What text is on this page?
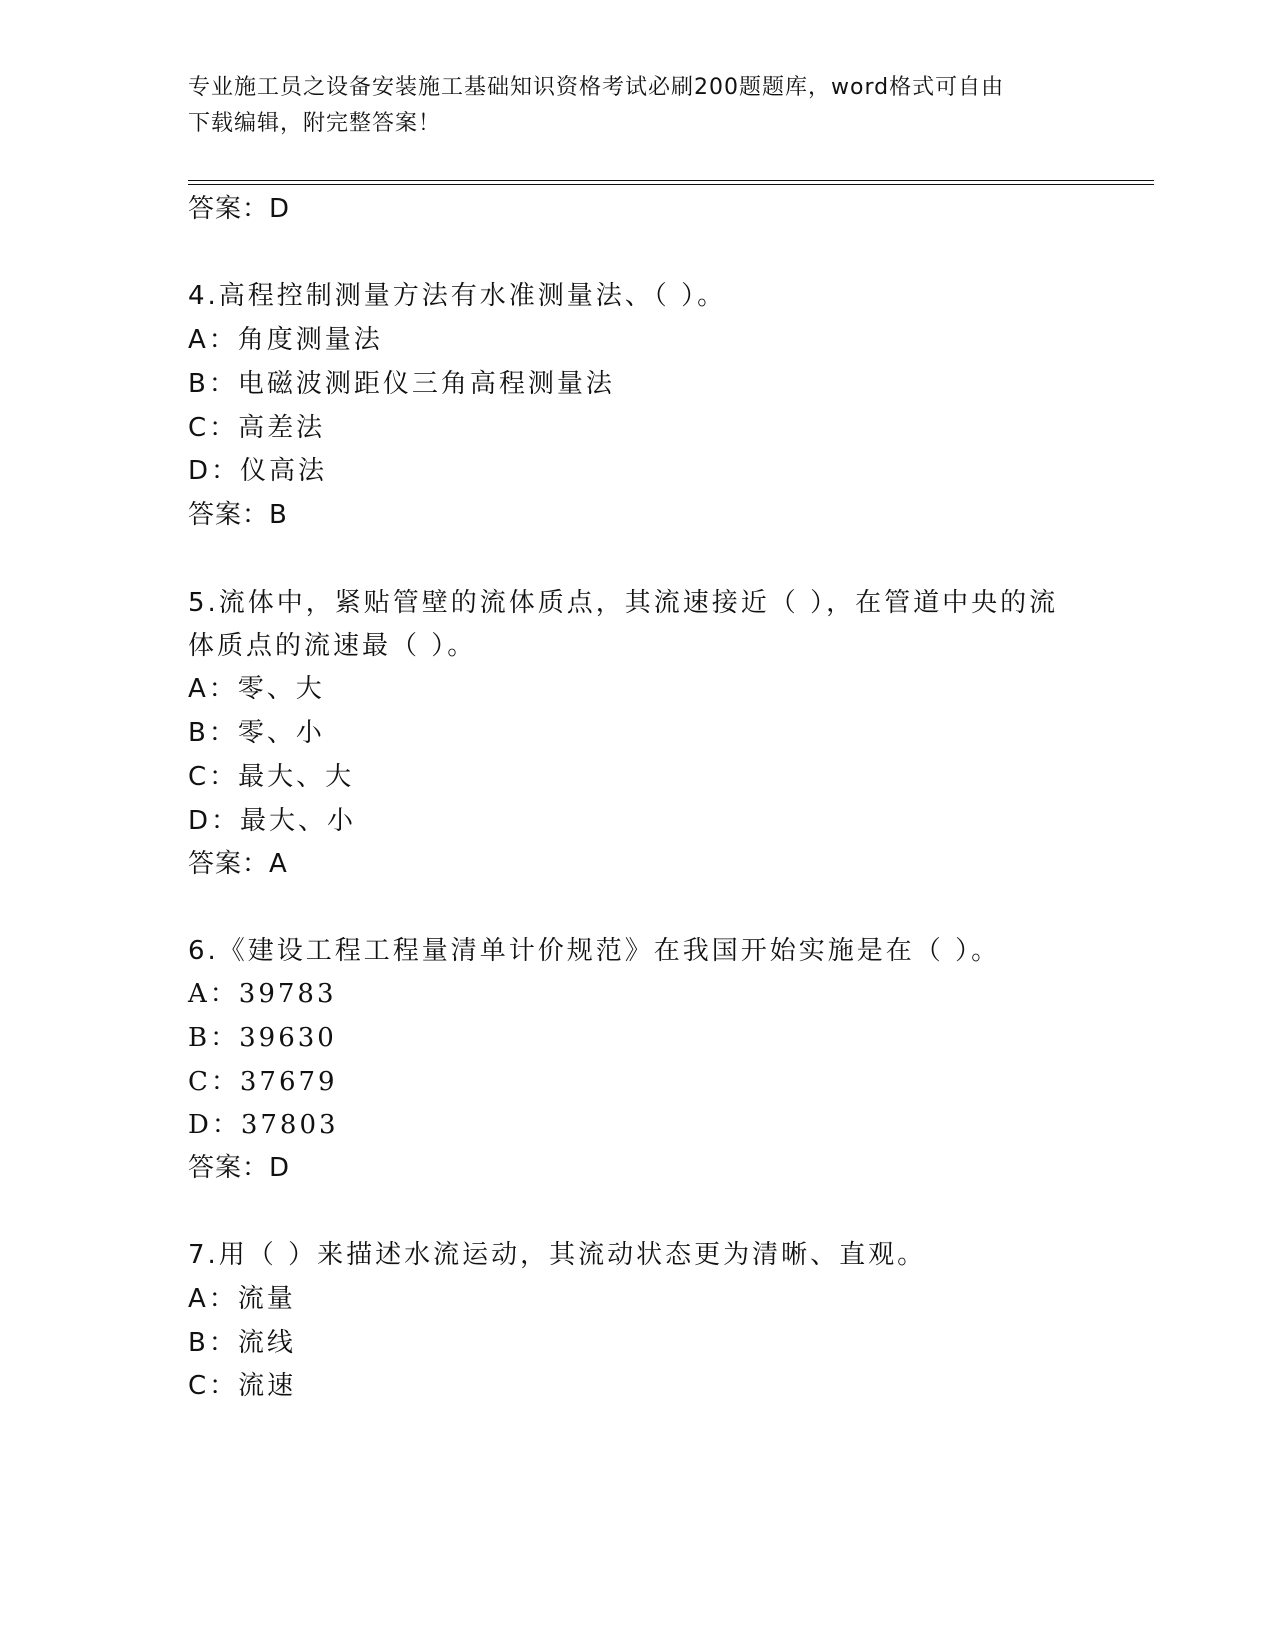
专业施工员之设备安装施工基础知识资格考试必刷200题题库，word格式可自由
下载编辑，附完整答案！
答案：D
4.高程控制测量方法有水准测量法、（ ）。
A：角度测量法
B：电磁波测距仪三角高程测量法
C：高差法
D：仪高法
答案：B
5.流体中，紧贴管壁的流体质点，其流速接近（ ），在管道中央的流
体质点的流速最（ ）。
A：零、大
B：零、小
C：最大、大
D：最大、小
答案：A
6.《建设工程工程量清单计价规范》在我国开始实施是在（ ）。
A：39783
B：39630
C：37679
D：37803
答案：D
7.用（ ）来描述水流运动，其流动状态更为清晰、直观。
A：流量
B：流线
C：流速
